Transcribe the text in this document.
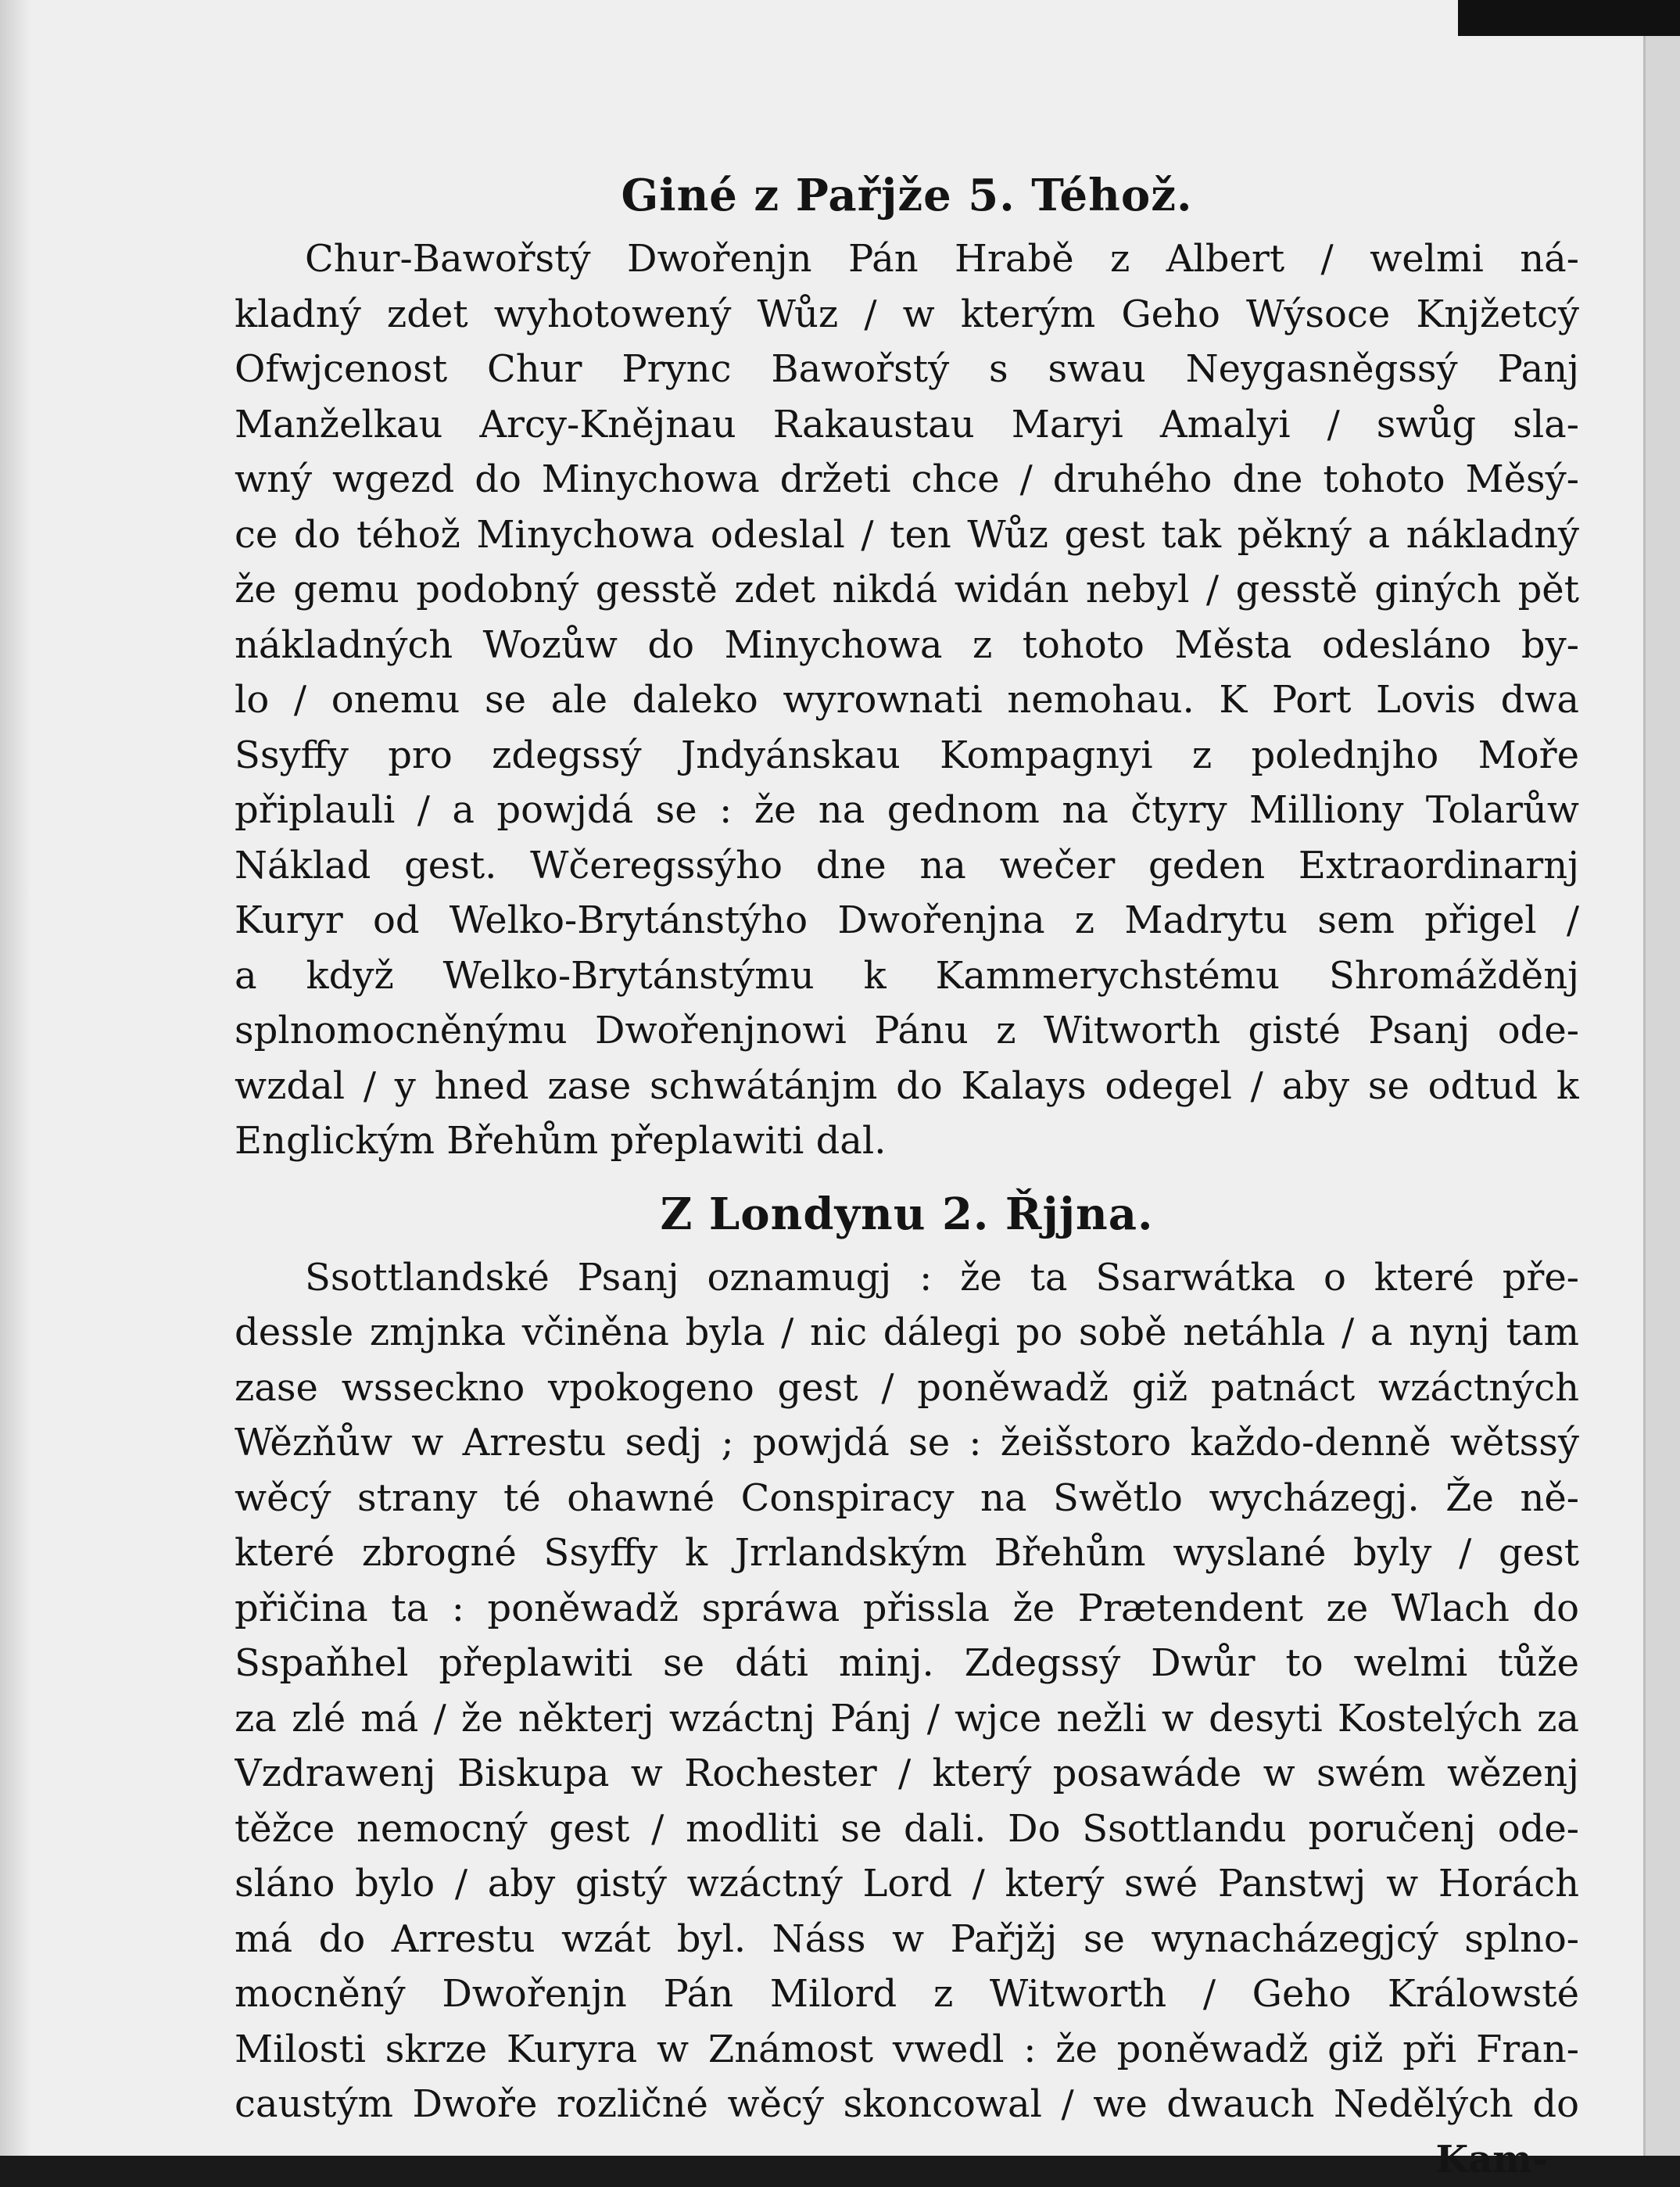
Giné z Pařjže 5. Téhož.
Chur-Bawořstý Dwořenjn Pán Hrabě z Albert / welmi ná-
kladný zdet wyhotowený Wůz / w kterým Geho Wýsoce Knjžetcý
Ofwjcenost Chur Prync Bawořstý s swau Neygasněgssý Panj
Manželkau Arcy-Knějnau Rakaustau Maryi Amalyi / swůg sla-
wný wgezd do Minychowa držeti chce / druhého dne tohoto Měsý-
ce do téhož Minychowa odeslal / ten Wůz gest tak pěkný a nákladný
že gemu podobný gesstě zdet nikdá widán nebyl / gesstě giných pět
nákladných Wozůw do Minychowa z tohoto Města odesláno by-
lo / onemu se ale daleko wyrownati nemohau. K Port Lovis dwa
Ssyffy pro zdegssý Jndyánskau Kompagnyi z polednjho Moře
připlauli / a powjdá se : že na gednom na čtyry Milliony Tolarůw
Náklad gest. Wčeregssýho dne na wečer geden Extraordinarnj
Kuryr od Welko-Brytánstýho Dwořenjna z Madrytu sem přigel /
a když Welko-Brytánstýmu k Kammerychstému Shromážděnj
splnomocněnýmu Dwořenjnowi Pánu z Witworth gisté Psanj ode-
wzdal / y hned zase schwátánjm do Kalays odegel / aby se odtud k
Englickým Břehům přeplawiti dal.
Z Londynu 2. Řjjna.
Ssottlandské Psanj oznamugj : že ta Ssarwátka o které pře-
dessle zmjnka včiněna byla / nic dálegi po sobě netáhla / a nynj tam
zase wsseckno vpokogeno gest / poněwadž giž patnáct wzáctných
Wězňůw w Arrestu sedj ; powjdá se : žeišstoro každo-denně wětssý
wěcý strany té ohawné Conspiracy na Swětlo wycházegj. Že ně-
které zbrogné Ssyffy k Jrrlandským Břehům wyslané byly / gest
přičina ta : poněwadž spráwa přissla že Prætendent ze Wlach do
Sspaňhel přeplawiti se dáti minj. Zdegssý Dwůr to welmi tůže
za zlé má / že některj wzáctnj Pánj / wjce nežli w desyti Kostelých za
Vzdrawenj Biskupa w Rochester / který posawáde w swém wězenj
těžce nemocný gest / modliti se dali. Do Ssottlandu poručenj ode-
sláno bylo / aby gistý wzáctný Lord / který swé Panstwj w Horách
má do Arrestu wzát byl. Náss w Pařjžj se wynacházegjcý splno-
mocněný Dwořenjn Pán Milord z Witworth / Geho Králowsté
Milosti skrze Kuryra w Známost vwedl : že poněwadž giž při Fran-
caustým Dwoře rozličné wěcý skoncowal / we dwauch Nedělých do
Kam-
